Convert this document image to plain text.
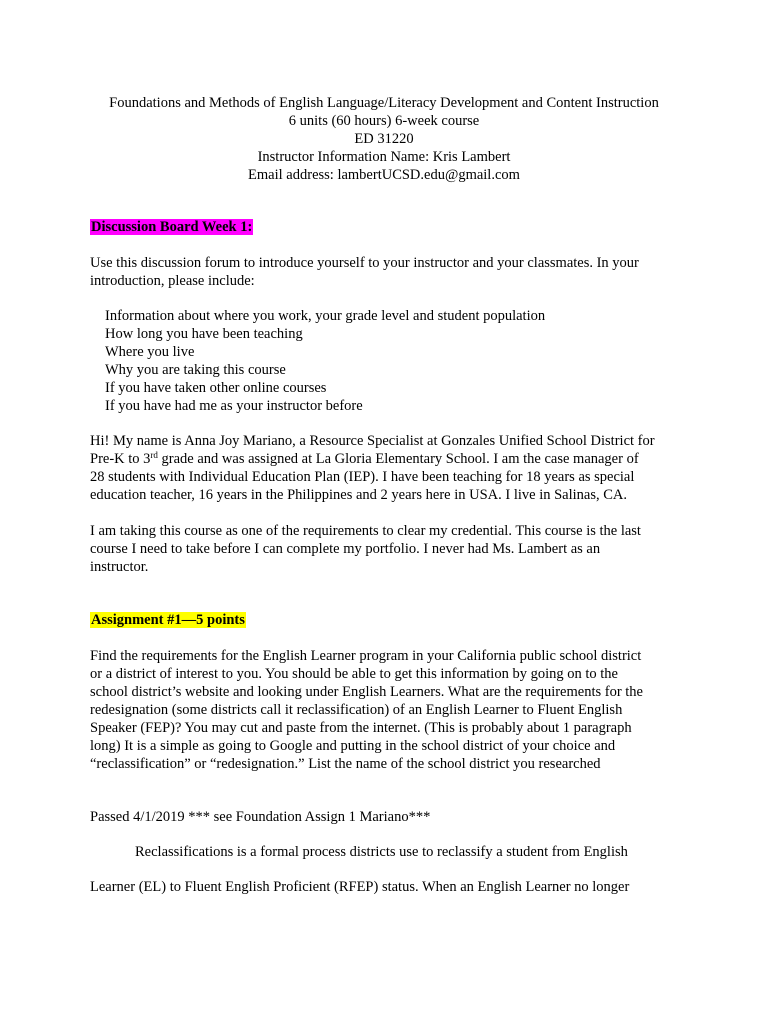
Foundations and Methods of English Language/Literacy Development and Content Instruction
6 units (60 hours) 6-week course
ED 31220
Instructor Information Name: Kris Lambert
Email address: lambertUCSD.edu@gmail.com
Discussion Board Week 1:
Use this discussion forum to introduce yourself to your instructor and your classmates. In your
introduction, please include:
Information about where you work, your grade level and student population
How long you have been teaching
Where you live
Why you are taking this course
If you have taken other online courses
If you have had me as your instructor before
Hi! My name is Anna Joy Mariano, a Resource Specialist at Gonzales Unified School District for
Pre-K to 3rd grade and was assigned at La Gloria Elementary School. I am the case manager of
28 students with Individual Education Plan (IEP). I have been teaching for 18 years as special
education teacher, 16 years in the Philippines and 2 years here in USA. I live in Salinas, CA.
I am taking this course as one of the requirements to clear my credential. This course is the last
course I need to take before I can complete my portfolio. I never had Ms. Lambert as an
instructor.
Assignment #1—5 points
Find the requirements for the English Learner program in your California public school district
or a district of interest to you. You should be able to get this information by going on to the
school district’s website and looking under English Learners. What are the requirements for the
redesignation (some districts call it reclassification) of an English Learner to Fluent English
Speaker (FEP)? You may cut and paste from the internet. (This is probably about 1 paragraph
long) It is a simple as going to Google and putting in the school district of your choice and
“reclassification” or “redesignation.” List the name of the school district you researched
Passed 4/1/2019 *** see Foundation Assign 1 Mariano***
Reclassifications is a formal process districts use to reclassify a student from English
Learner (EL) to Fluent English Proficient (RFEP) status. When an English Learner no longer
